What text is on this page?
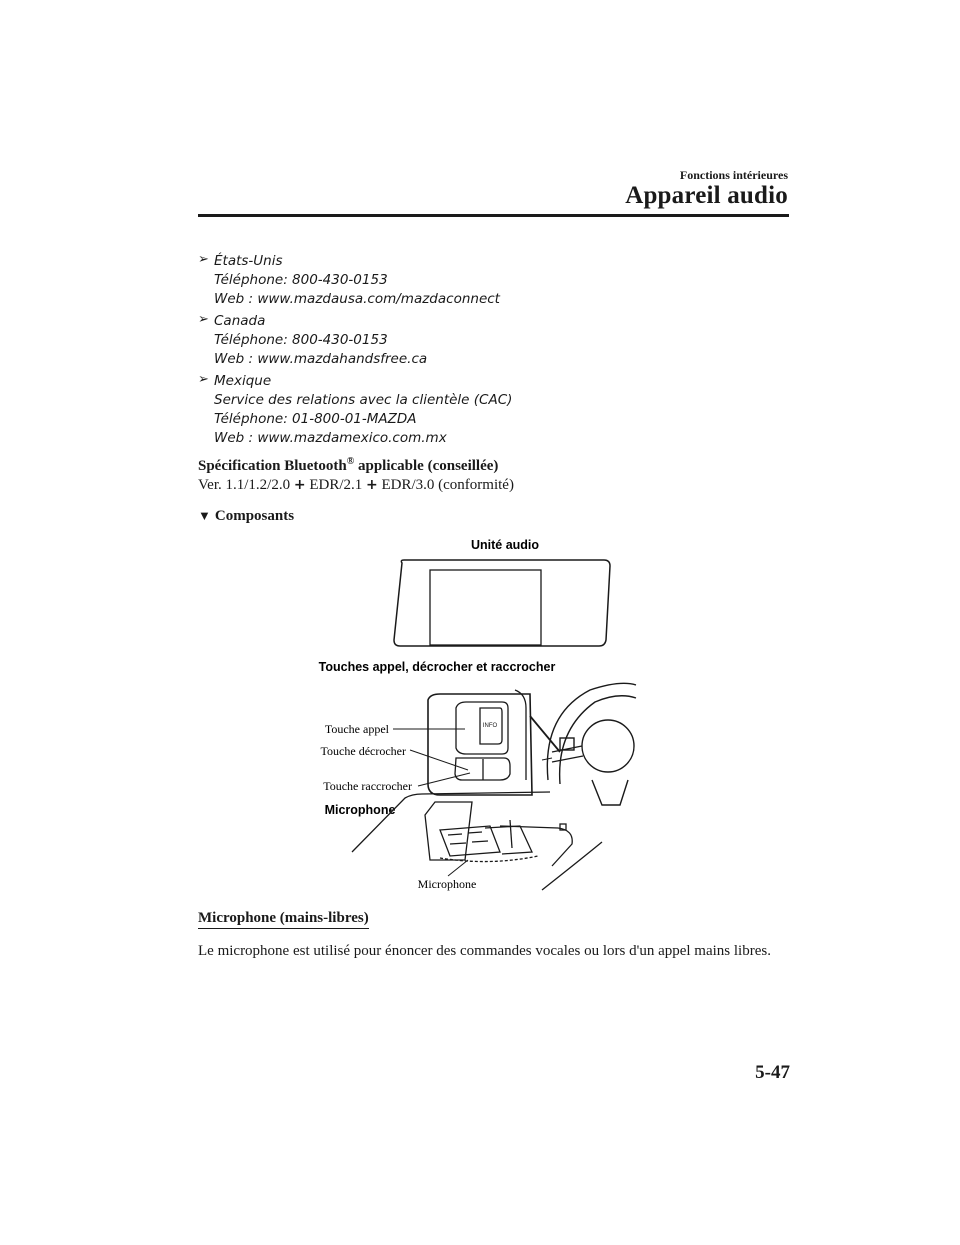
Fonctions intérieures
Appareil audio
➢ États-Unis
Téléphone: 800-430-0153
Web : www.mazdausa.com/mazdaconnect
➢ Canada
Téléphone: 800-430-0153
Web : www.mazdahandsfree.ca
➢ Mexique
Service des relations avec la clientèle (CAC)
Téléphone: 01-800-01-MAZDA
Web : www.mazdamexico.com.mx
Spécification Bluetooth® applicable (conseillée)
Ver. 1.1/1.2/2.0 + EDR/2.1 + EDR/3.0 (conformité)
▼ Composants
Unité audio
Touches appel, décrocher et raccrocher
INFO
Touche appel
Touche décrocher
Touche raccrocher
Microphone
Microphone
Microphone (mains-libres)
Le microphone est utilisé pour énoncer des commandes vocales ou lors d'un appel mains libres.
5-47
